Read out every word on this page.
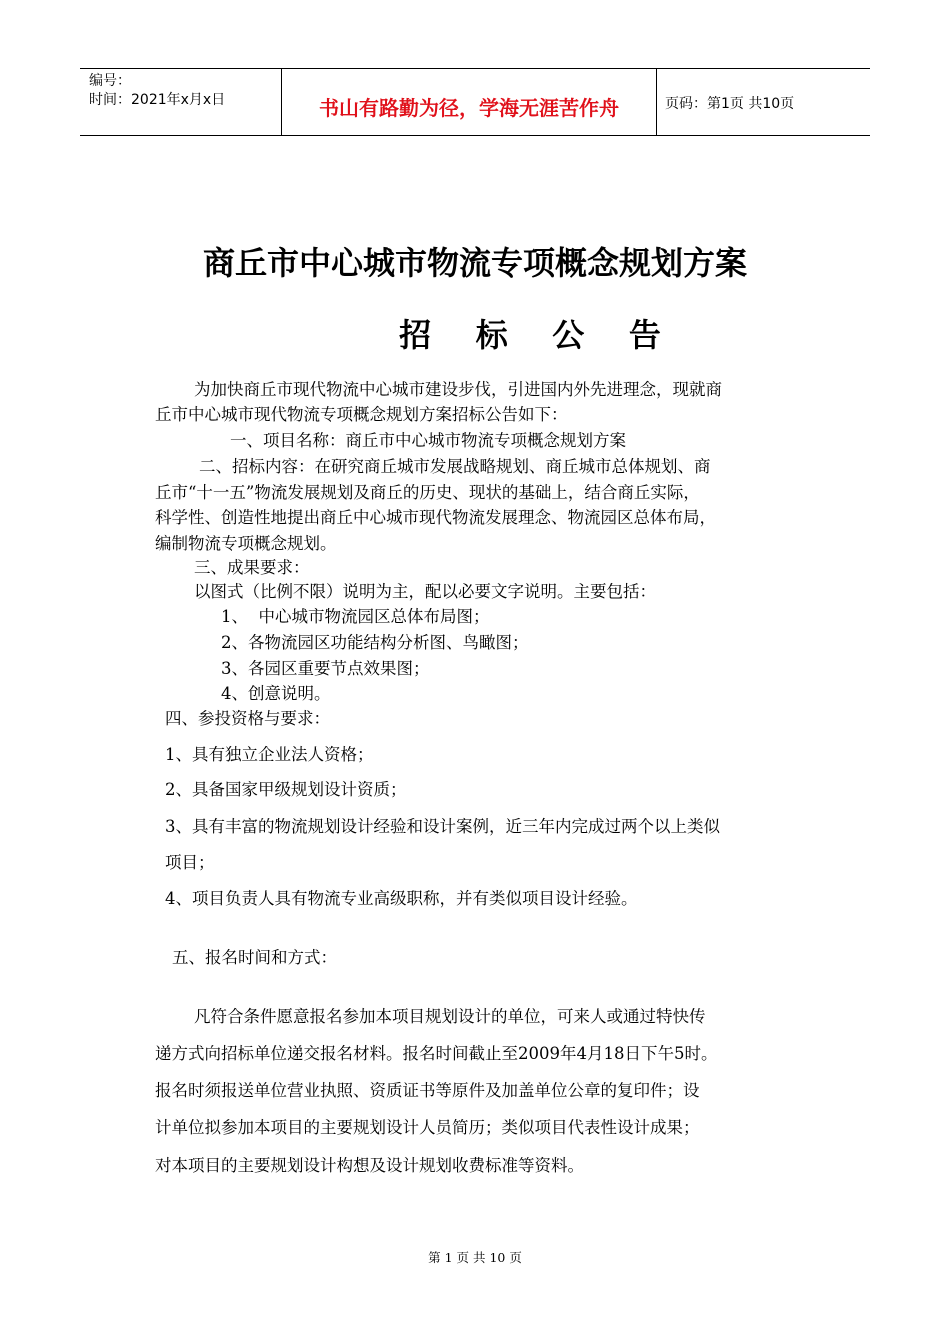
编号：
时间：2021年x月x日	书山有路勤为径，学海无涯苦作舟	页码：第1页 共10页
商丘市中心城市物流专项概念规划方案
招    标    公    告
为加快商丘市现代物流中心城市建设步伐，引进国内外先进理念，现就商
丘市中心城市现代物流专项概念规划方案招标公告如下：
一、项目名称：商丘市中心城市物流专项概念规划方案
二、招标内容：在研究商丘城市发展战略规划、商丘城市总体规划、商
丘市“十一五”物流发展规划及商丘的历史、现状的基础上，结合商丘实际，
科学性、创造性地提出商丘中心城市现代物流发展理念、物流园区总体布局，
编制物流专项概念规划。
三、成果要求：
以图式（比例不限）说明为主，配以必要文字说明。主要包括：
1、  中心城市物流园区总体布局图；
2、各物流园区功能结构分析图、鸟瞰图；
3、各园区重要节点效果图；
4、创意说明。
四、参投资格与要求：
1、具有独立企业法人资格；
2、具备国家甲级规划设计资质；
3、具有丰富的物流规划设计经验和设计案例，近三年内完成过两个以上类似
项目；
4、项目负责人具有物流专业高级职称，并有类似项目设计经验。
五、报名时间和方式：
凡符合条件愿意报名参加本项目规划设计的单位，可来人或通过特快传
递方式向招标单位递交报名材料。报名时间截止至2009年4月18日下午5时。
报名时须报送单位营业执照、资质证书等原件及加盖单位公章的复印件；设
计单位拟参加本项目的主要规划设计人员简历；类似项目代表性设计成果；
对本项目的主要规划设计构想及设计规划收费标准等资料。
第 1 页 共 10 页
